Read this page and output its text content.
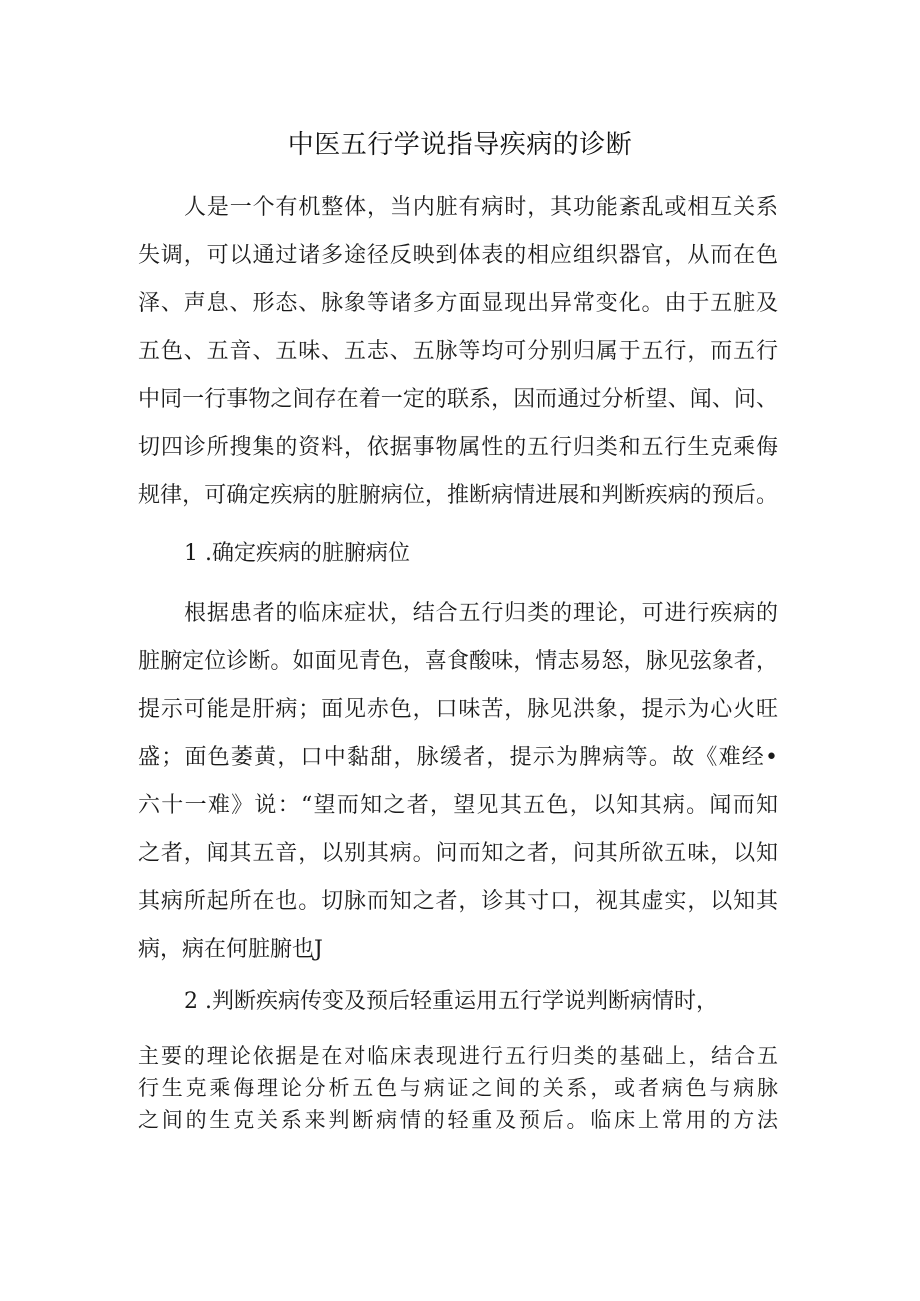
中医五行学说指导疾病的诊断
人是一个有机整体，当内脏有病时，其功能紊乱或相互关系
失调，可以通过诸多途径反映到体表的相应组织器官，从而在色
泽、声息、形态、脉象等诸多方面显现出异常变化。由于五脏及
五色、五音、五味、五志、五脉等均可分别归属于五行，而五行
中同一行事物之间存在着一定的联系，因而通过分析望、闻、问、
切四诊所搜集的资料，依据事物属性的五行归类和五行生克乘侮
规律，可确定疾病的脏腑病位，推断病情进展和判断疾病的预后。
1 .确定疾病的脏腑病位
根据患者的临床症状，结合五行归类的理论，可进行疾病的
脏腑定位诊断。如面见青色，喜食酸味，情志易怒，脉见弦象者，
提示可能是肝病；面见赤色，口味苦，脉见洪象，提示为心火旺
盛；面色萎黄，口中黏甜，脉缓者，提示为脾病等。故《难经•
六十一难》说：“望而知之者，望见其五色，以知其病。闻而知
之者，闻其五音，以别其病。问而知之者，问其所欲五味，以知
其病所起所在也。切脉而知之者，诊其寸口，视其虚实，以知其
病，病在何脏腑也J
2 .判断疾病传变及预后轻重运用五行学说判断病情时，
主要的理论依据是在对临床表现进行五行归类的基础上，结合五
行生克乘侮理论分析五色与病证之间的关系，或者病色与病脉
之间的生克关系来判断病情的轻重及预后。临床上常用的方法
